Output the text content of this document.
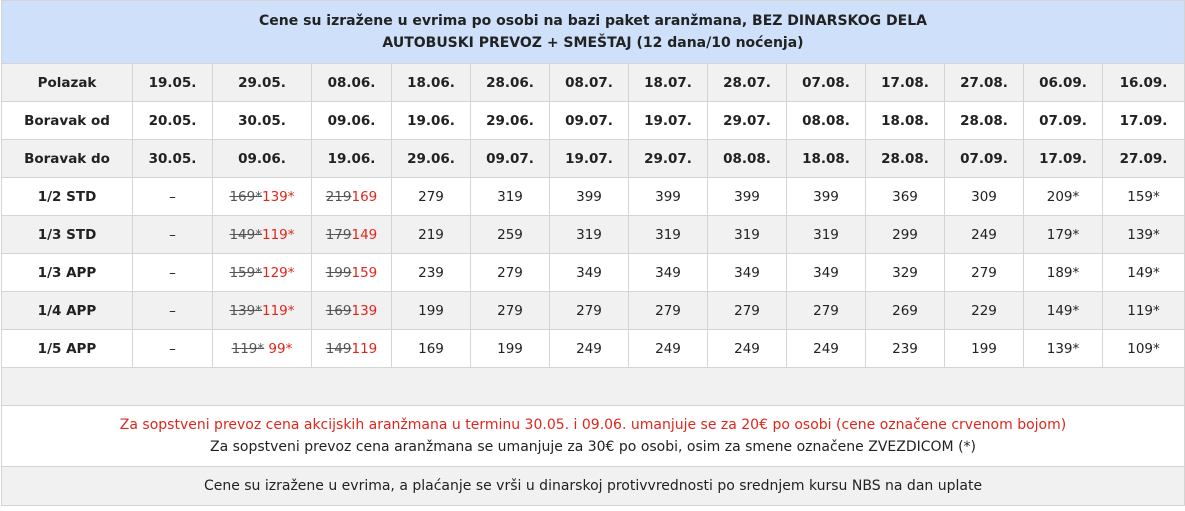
Cene su izražene u evrima po osobi na bazi paket aranžmana, BEZ DINARSKOG DELA
AUTOBUSKI PREVOZ + SMEŠTAJ (12 dana/10 noćenja)													

Polazak	19.05.	29.05.	08.06.	18.06.	28.06.	08.07.	18.07.	28.07.	07.08.	17.08.	27.08.	06.09.	16.09.
Boravak od	20.05.	30.05.	09.06.	19.06.	29.06.	09.07.	19.07.	29.07.	08.08.	18.08.	28.08.	07.09.	17.09.
Boravak do	30.05.	09.06.	19.06.	29.06.	09.07.	19.07.	29.07.	08.08.	18.08.	28.08.	07.09.	17.09.	27.09.
1/2 STD	–	169*139*	219169	279	319	399	399	399	399	369	309	209*	159*
1/3 STD	–	149*119*	179149	219	259	319	319	319	319	299	249	179*	139*
1/3 APP	–	159*129*	199159	239	279	349	349	349	349	329	279	189*	149*
1/4 APP	–	139*119*	169139	199	279	279	279	279	279	269	229	149*	119*
1/5 APP	–	119* 99*	149119	169	199	249	249	249	249	239	199	139*	109*

Za sopstveni prevoz cena akcijskih aranžmana u terminu 30.05. i 09.06. umanjuje se za 20€ po osobi (cene označene crvenom bojom)
Za sopstveni prevoz cena aranžmana se umanjuje za 30€ po osobi, osim za smene označene ZVEZDICOM (*)													

Cene su izražene u evrima, a plaćanje se vrši u dinarskoj protivvrednosti po srednjem kursu NBS na dan uplate													
